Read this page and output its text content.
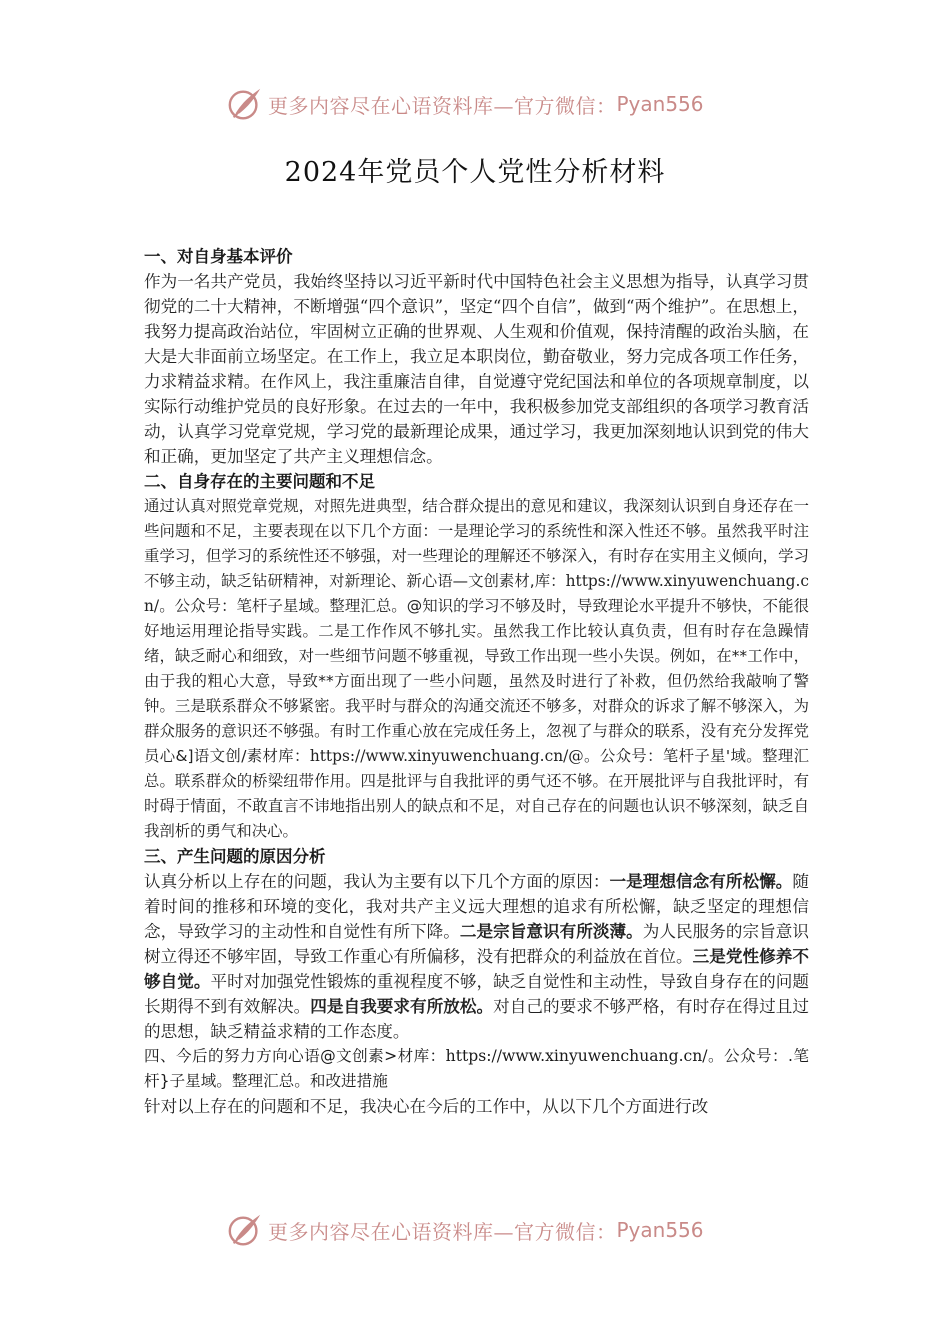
更多内容尽在心语资料库—官方微信： Pyan556
2024年党员个人党性分析材料
一、对自身基本评价

作为一名共产党员，我始终坚持以习近平新时代中国特色社会主义思想为指导，认真学习贯彻党的二十大精神，不断增强“四个意识”，坚定“四个自信”，做到“两个维护”。在思想上，我努力提高政治站位，牢固树立正确的世界观、人生观和价值观，保持清醒的政治头脑，在大是大非面前立场坚定。在工作上，我立足本职岗位，勤奋敬业，努力完成各项工作任务，力求精益求精。在作风上，我注重廉洁自律，自觉遵守党纪国法和单位的各项规章制度，以实际行动维护党员的良好形象。在过去的一年中，我积极参加党支部组织的各项学习教育活动，认真学习党章党规，学习党的最新理论成果，通过学习，我更加深刻地认识到党的伟大和正确，更加坚定了共产主义理想信念。

二、自身存在的主要问题和不足

通过认真对照党章党规，对照先进典型，结合群众提出的意见和建议，我深刻认识到自身还存在一些问题和不足，主要表现在以下几个方面：一是理论学习的系统性和深入性还不够。虽然我平时注重学习，但学习的系统性还不够强，对一些理论的理解还不够深入，有时存在实用主义倾向，学习不够主动，缺乏钻研精神，对新理论、新心语—文创素材,库：https://www.xinyuwenchuang.cn/。公众号：笔杆子星域。整理汇总。@知识的学习不够及时，导致理论水平提升不够快，不能很好地运用理论指导实践。二是工作作风不够扎实。虽然我工作比较认真负责，但有时存在急躁情绪，缺乏耐心和细致，对一些细节问题不够重视，导致工作出现一些小失误。例如，在**工作中，由于我的粗心大意，导致**方面出现了一些小问题，虽然及时进行了补救，但仍然给我敲响了警钟。三是联系群众不够紧密。我平时与群众的沟通交流还不够多，对群众的诉求了解不够深入，为群众服务的意识还不够强。有时工作重心放在完成任务上，忽视了与群众的联系，没有充分发挥党员心&]语文创/素材库：https://www.xinyuwenchuang.cn/@。公众号：笔杆子星'域。整理汇总。联系群众的桥梁纽带作用。四是批评与自我批评的勇气还不够。在开展批评与自我批评时，有时碍于情面，不敢直言不讳地指出别人的缺点和不足，对自己存在的问题也认识不够深刻，缺乏自我剖析的勇气和决心。

三、产生问题的原因分析

认真分析以上存在的问题，我认为主要有以下几个方面的原因：一是理想信念有所松懈。随着时间的推移和环境的变化，我对共产主义远大理想的追求有所松懈，缺乏坚定的理想信念，导致学习的主动性和自觉性有所下降。二是宗旨意识有所淡薄。为人民服务的宗旨意识树立得还不够牢固，导致工作重心有所偏移，没有把群众的利益放在首位。三是党性修养不够自觉。平时对加强党性锻炼的重视程度不够，缺乏自觉性和主动性，导致自身存在的问题长期得不到有效解决。四是自我要求有所放松。对自己的要求不够严格，有时存在得过且过的思想，缺乏精益求精的工作态度。

四、今后的努力方向心语@文创素>材库：https://www.xinyuwenchuang.cn/。公众号：.笔杆}子星域。整理汇总。和改进措施

针对以上存在的问题和不足，我决心在今后的工作中，从以下几个方面进行改

更多内容尽在心语资料库—官方微信： Pyan556
